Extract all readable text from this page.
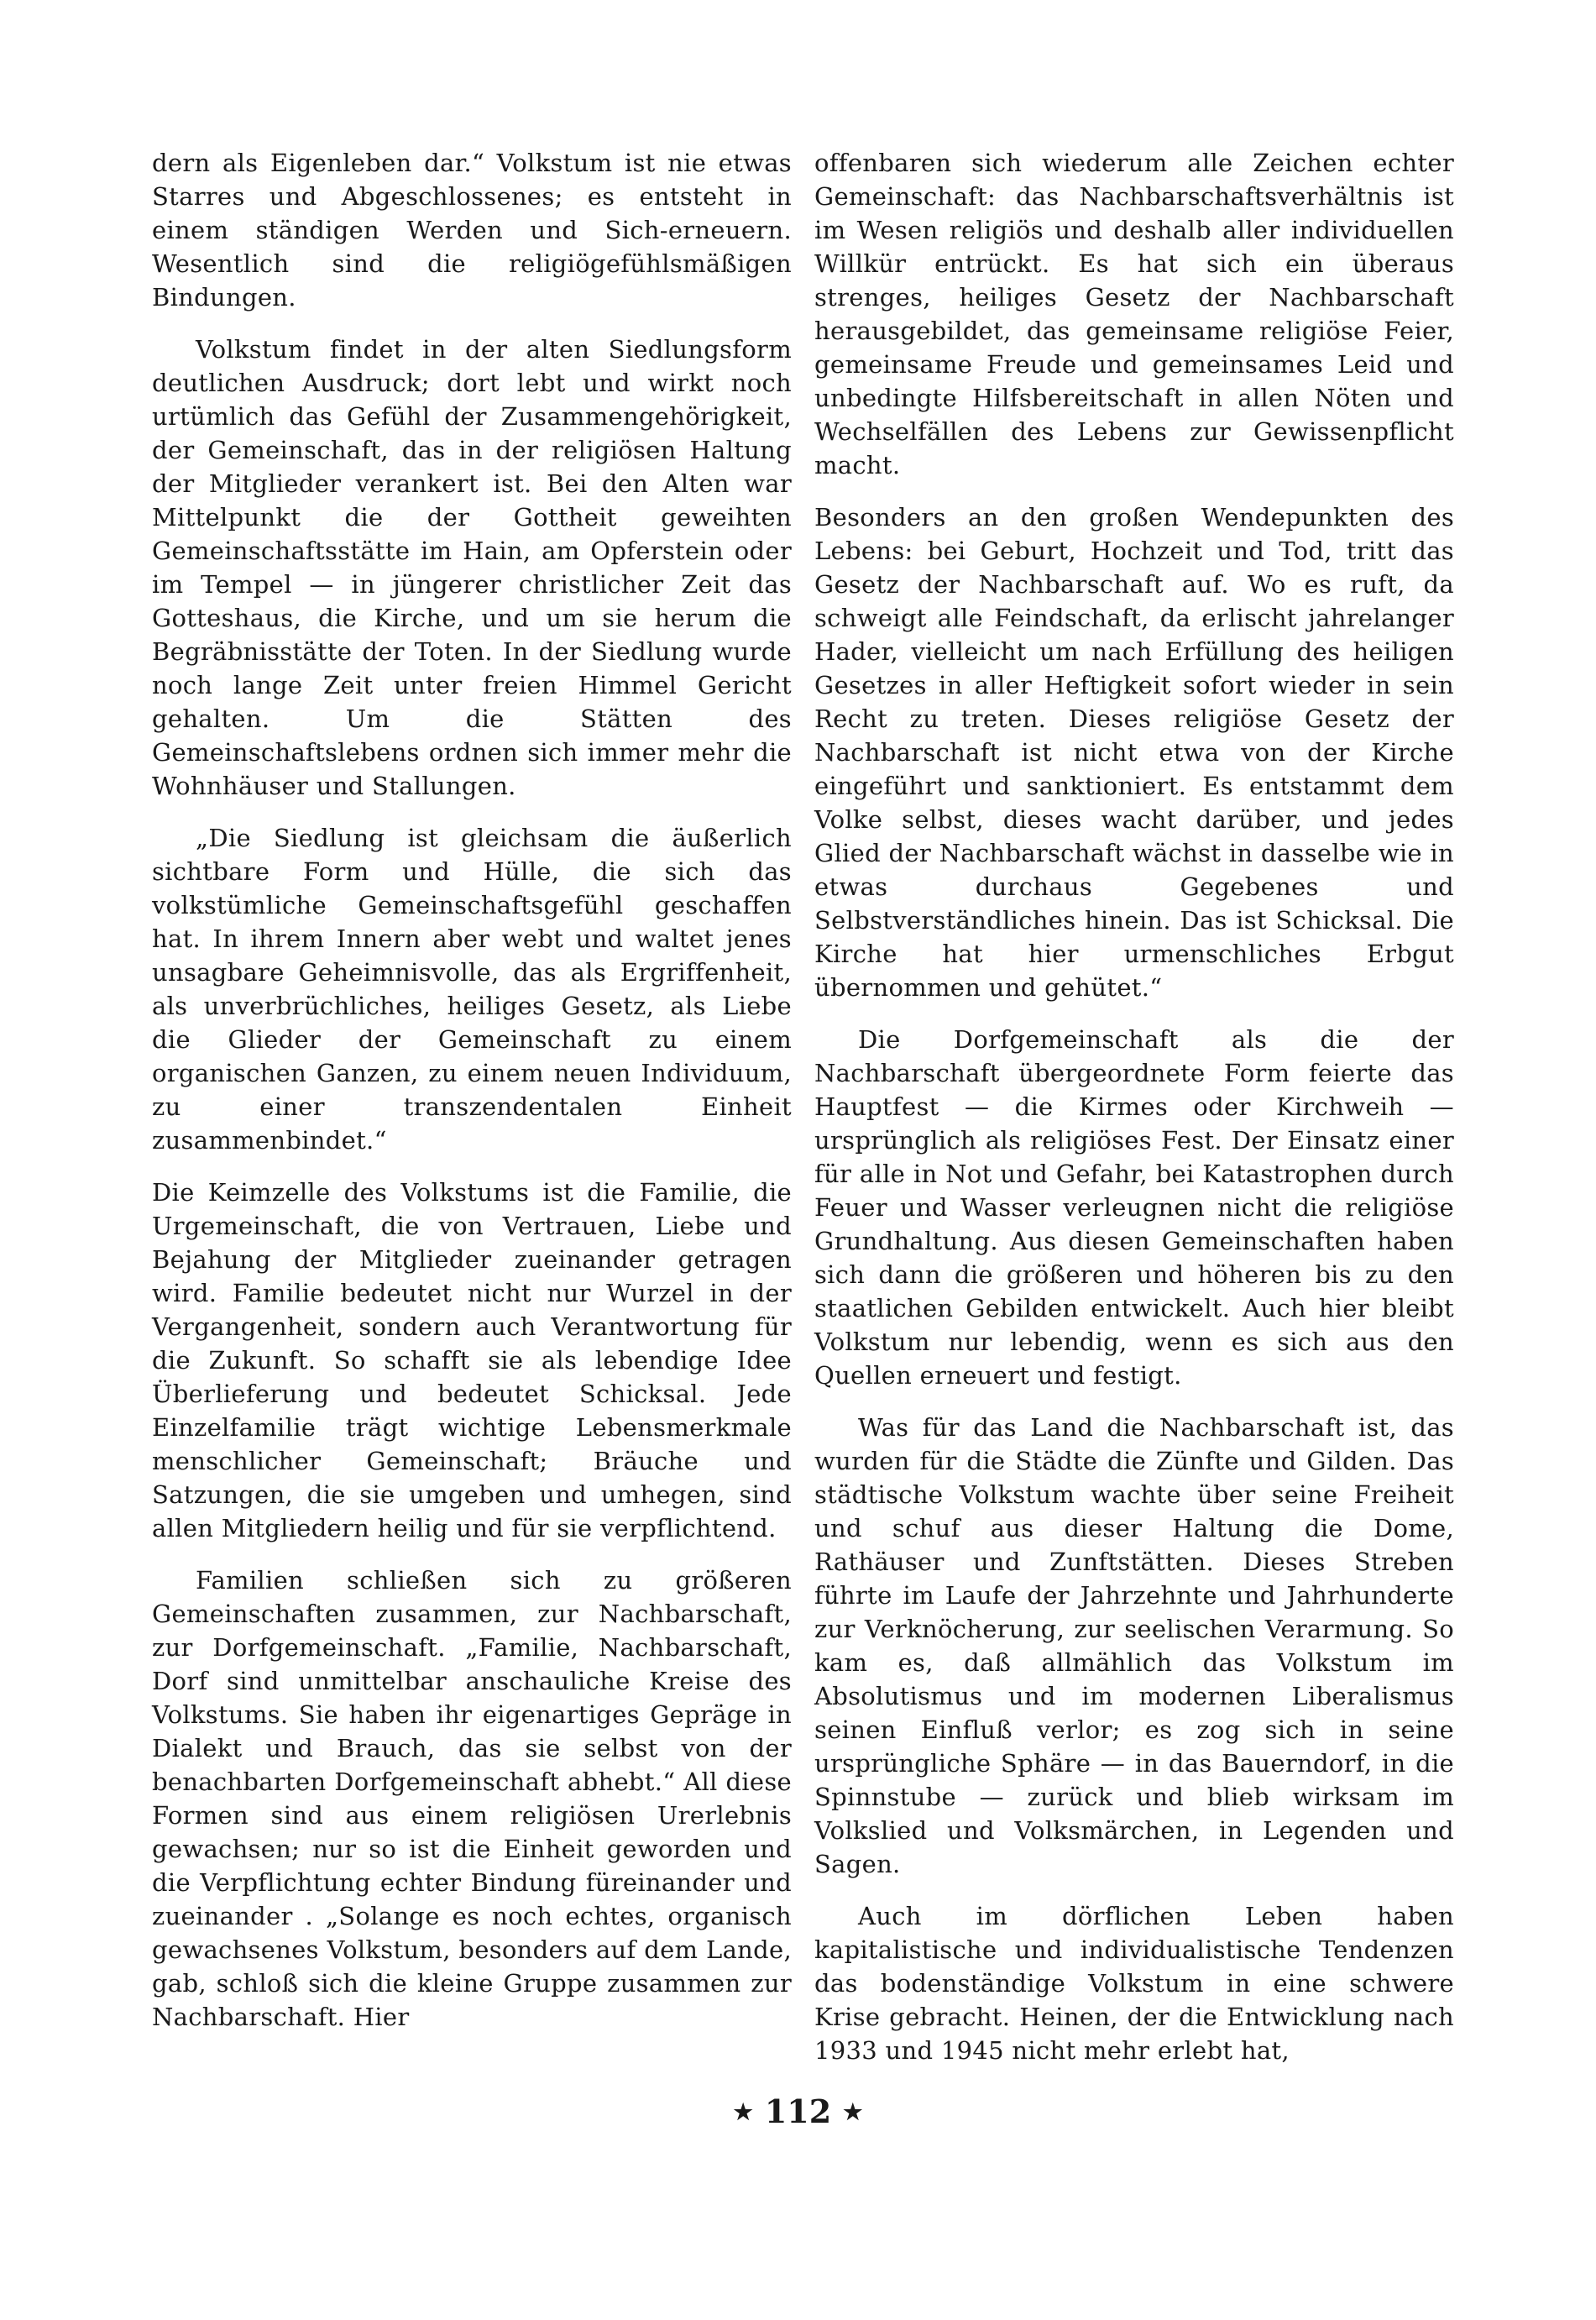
dern als Eigenleben dar.“ Volkstum ist nie etwas Starres und Abgeschlossenes; es entsteht in einem ständigen Werden und Sich-erneuern. Wesentlich sind die religiögefühlsmäßigen Bindungen.

Volkstum findet in der alten Siedlungsform deutlichen Ausdruck; dort lebt und wirkt noch urtümlich das Gefühl der Zusammengehörigkeit, der Gemeinschaft, das in der religiösen Haltung der Mitglieder verankert ist. Bei den Alten war Mittelpunkt die der Gottheit geweihten Gemeinschaftsstätte im Hain, am Opferstein oder im Tempel — in jüngerer christlicher Zeit das Gotteshaus, die Kirche, und um sie herum die Begräbnisstätte der Toten. In der Siedlung wurde noch lange Zeit unter freien Himmel Gericht gehalten. Um die Stätten des Gemeinschaftslebens ordnen sich immer mehr die Wohnhäuser und Stallungen.

„Die Siedlung ist gleichsam die äußerlich sichtbare Form und Hülle, die sich das volkstümliche Gemeinschaftsgefühl geschaffen hat. In ihrem Innern aber webt und waltet jenes unsagbare Geheimnisvolle, das als Ergriffenheit, als unverbrüchliches, heiliges Gesetz, als Liebe die Glieder der Gemeinschaft zu einem organischen Ganzen, zu einem neuen Individuum, zu einer transzendentalen Einheit zusammenbindet.“

Die Keimzelle des Volkstums ist die Familie, die Urgemeinschaft, die von Vertrauen, Liebe und Bejahung der Mitglieder zueinander getragen wird. Familie bedeutet nicht nur Wurzel in der Vergangenheit, sondern auch Verantwortung für die Zukunft. So schafft sie als lebendige Idee Überlieferung und bedeutet Schicksal. Jede Einzelfamilie trägt wichtige Lebensmerkmale menschlicher Gemeinschaft; Bräuche und Satzungen, die sie umgeben und umhegen, sind allen Mitgliedern heilig und für sie verpflichtend.

Familien schließen sich zu größeren Gemeinschaften zusammen, zur Nachbarschaft, zur Dorfgemeinschaft. „Familie, Nachbarschaft, Dorf sind unmittelbar anschauliche Kreise des Volkstums. Sie haben ihr eigenartiges Gepräge in Dialekt und Brauch, das sie selbst von der benachbarten Dorfgemeinschaft abhebt.“ All diese Formen sind aus einem religiösen Urerlebnis gewachsen; nur so ist die Einheit geworden und die Verpflichtung echter Bindung füreinander und zueinander . „Solange es noch echtes, organisch gewachsenes Volkstum, besonders auf dem Lande, gab, schloß sich die kleine Gruppe zusammen zur Nachbarschaft. Hier

offenbaren sich wiederum alle Zeichen echter Gemeinschaft: das Nachbarschaftsverhältnis ist im Wesen religiös und deshalb aller individuellen Willkür entrückt. Es hat sich ein überaus strenges, heiliges Gesetz der Nachbarschaft herausgebildet, das gemeinsame religiöse Feier, gemeinsame Freude und gemeinsames Leid und unbedingte Hilfsbereitschaft in allen Nöten und Wechselfällen des Lebens zur Gewissenpflicht macht.

Besonders an den großen Wendepunkten des Lebens: bei Geburt, Hochzeit und Tod, tritt das Gesetz der Nachbarschaft auf. Wo es ruft, da schweigt alle Feindschaft, da erlischt jahrelanger Hader, vielleicht um nach Erfüllung des heiligen Gesetzes in aller Heftigkeit sofort wieder in sein Recht zu treten. Dieses religiöse Gesetz der Nachbarschaft ist nicht etwa von der Kirche eingeführt und sanktioniert. Es entstammt dem Volke selbst, dieses wacht darüber, und jedes Glied der Nachbarschaft wächst in dasselbe wie in etwas durchaus Gegebenes und Selbstverständliches hinein. Das ist Schicksal. Die Kirche hat hier urmenschliches Erbgut übernommen und gehütet.“

Die Dorfgemeinschaft als die der Nachbarschaft übergeordnete Form feierte das Hauptfest — die Kirmes oder Kirchweih — ursprünglich als religiöses Fest. Der Einsatz einer für alle in Not und Gefahr, bei Katastrophen durch Feuer und Wasser verleugnen nicht die religiöse Grundhaltung. Aus diesen Gemeinschaften haben sich dann die größeren und höheren bis zu den staatlichen Gebilden entwickelt. Auch hier bleibt Volkstum nur lebendig, wenn es sich aus den Quellen erneuert und festigt.

Was für das Land die Nachbarschaft ist, das wurden für die Städte die Zünfte und Gilden. Das städtische Volkstum wachte über seine Freiheit und schuf aus dieser Haltung die Dome, Rathäuser und Zunftstätten. Dieses Streben führte im Laufe der Jahrzehnte und Jahrhunderte zur Verknöcherung, zur seelischen Verarmung. So kam es, daß allmählich das Volkstum im Absolutismus und im modernen Liberalismus seinen Einfluß verlor; es zog sich in seine ursprüngliche Sphäre — in das Bauerndorf, in die Spinnstube — zurück und blieb wirksam im Volkslied und Volksmärchen, in Legenden und Sagen.

Auch im dörflichen Leben haben kapitalistische und individualistische Tendenzen das bodenständige Volkstum in eine schwere Krise gebracht. Heinen, der die Entwicklung nach 1933 und 1945 nicht mehr erlebt hat,

★ 112 ★
